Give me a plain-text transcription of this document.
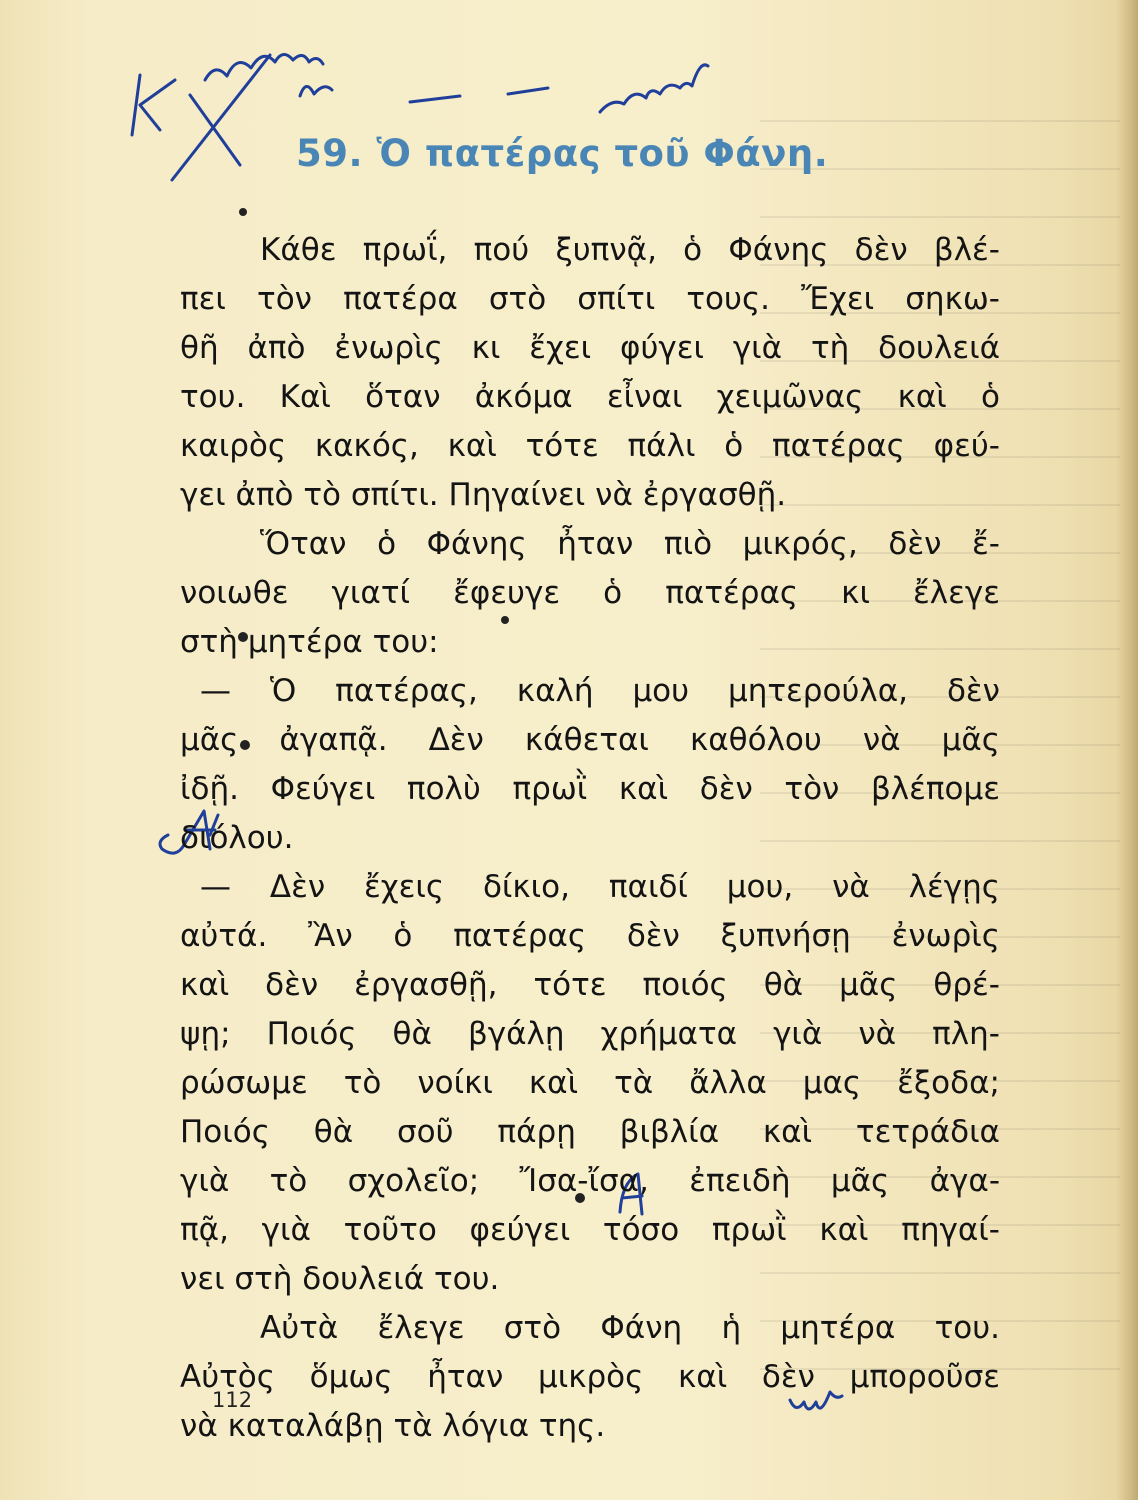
59. Ὁ πατέρας τοῦ Φάνη.
Κάθε πρωΐ, πού ξυπνᾷ, ὁ Φάνης δὲν βλέ-
πει τὸν πατέρα στὸ σπίτι τους. Ἔχει σηκω-
θῆ ἀπὸ ἐνωρὶς κι ἔχει φύγει γιὰ τὴ δουλειά
του. Καὶ ὅταν ἀκόμα εἶναι χειμῶνας καὶ ὁ
καιρὸς κακός, καὶ τότε πάλι ὁ πατέρας φεύ-
γει ἀπὸ τὸ σπίτι. Πηγαίνει νὰ ἐργασθῇ.
Ὅταν ὁ Φάνης ἦταν πιὸ μικρός, δὲν ἔ-
νοιωθε γιατί ἔφευγε ὁ πατέρας κι ἔλεγε
στὴ μητέρα του:
— Ὁ πατέρας, καλή μου μητερούλα, δὲν
μᾶς ἀγαπᾷ. Δὲν κάθεται καθόλου νὰ μᾶς
ἰδῇ. Φεύγει πολὺ πρωῒ καὶ δὲν τὸν βλέπομε
διόλου.
— Δὲν ἔχεις δίκιο, παιδί μου, νὰ λέγῃς
αὐτά. Ἂν ὁ πατέρας δὲν ξυπνήσῃ ἐνωρὶς
καὶ δὲν ἐργασθῇ, τότε ποιός θὰ μᾶς θρέ-
ψῃ; Ποιός θὰ βγάλῃ χρήματα γιὰ νὰ πλη-
ρώσωμε τὸ νοίκι καὶ τὰ ἄλλα μας ἔξοδα;
Ποιός θὰ σοῦ πάρῃ βιβλία καὶ τετράδια
γιὰ τὸ σχολεῖο; Ἴσα-ἴσα, ἐπειδὴ μᾶς ἀγα-
πᾷ, γιὰ τοῦτο φεύγει τόσο πρωῒ καὶ πηγαί-
νει στὴ δουλειά του.
Αὐτὰ ἔλεγε στὸ Φάνη ἡ μητέρα του.
Αὐτὸς ὅμως ἦταν μικρὸς καὶ δὲν μποροῦσε
νὰ καταλάβῃ τὰ λόγια της.
112
